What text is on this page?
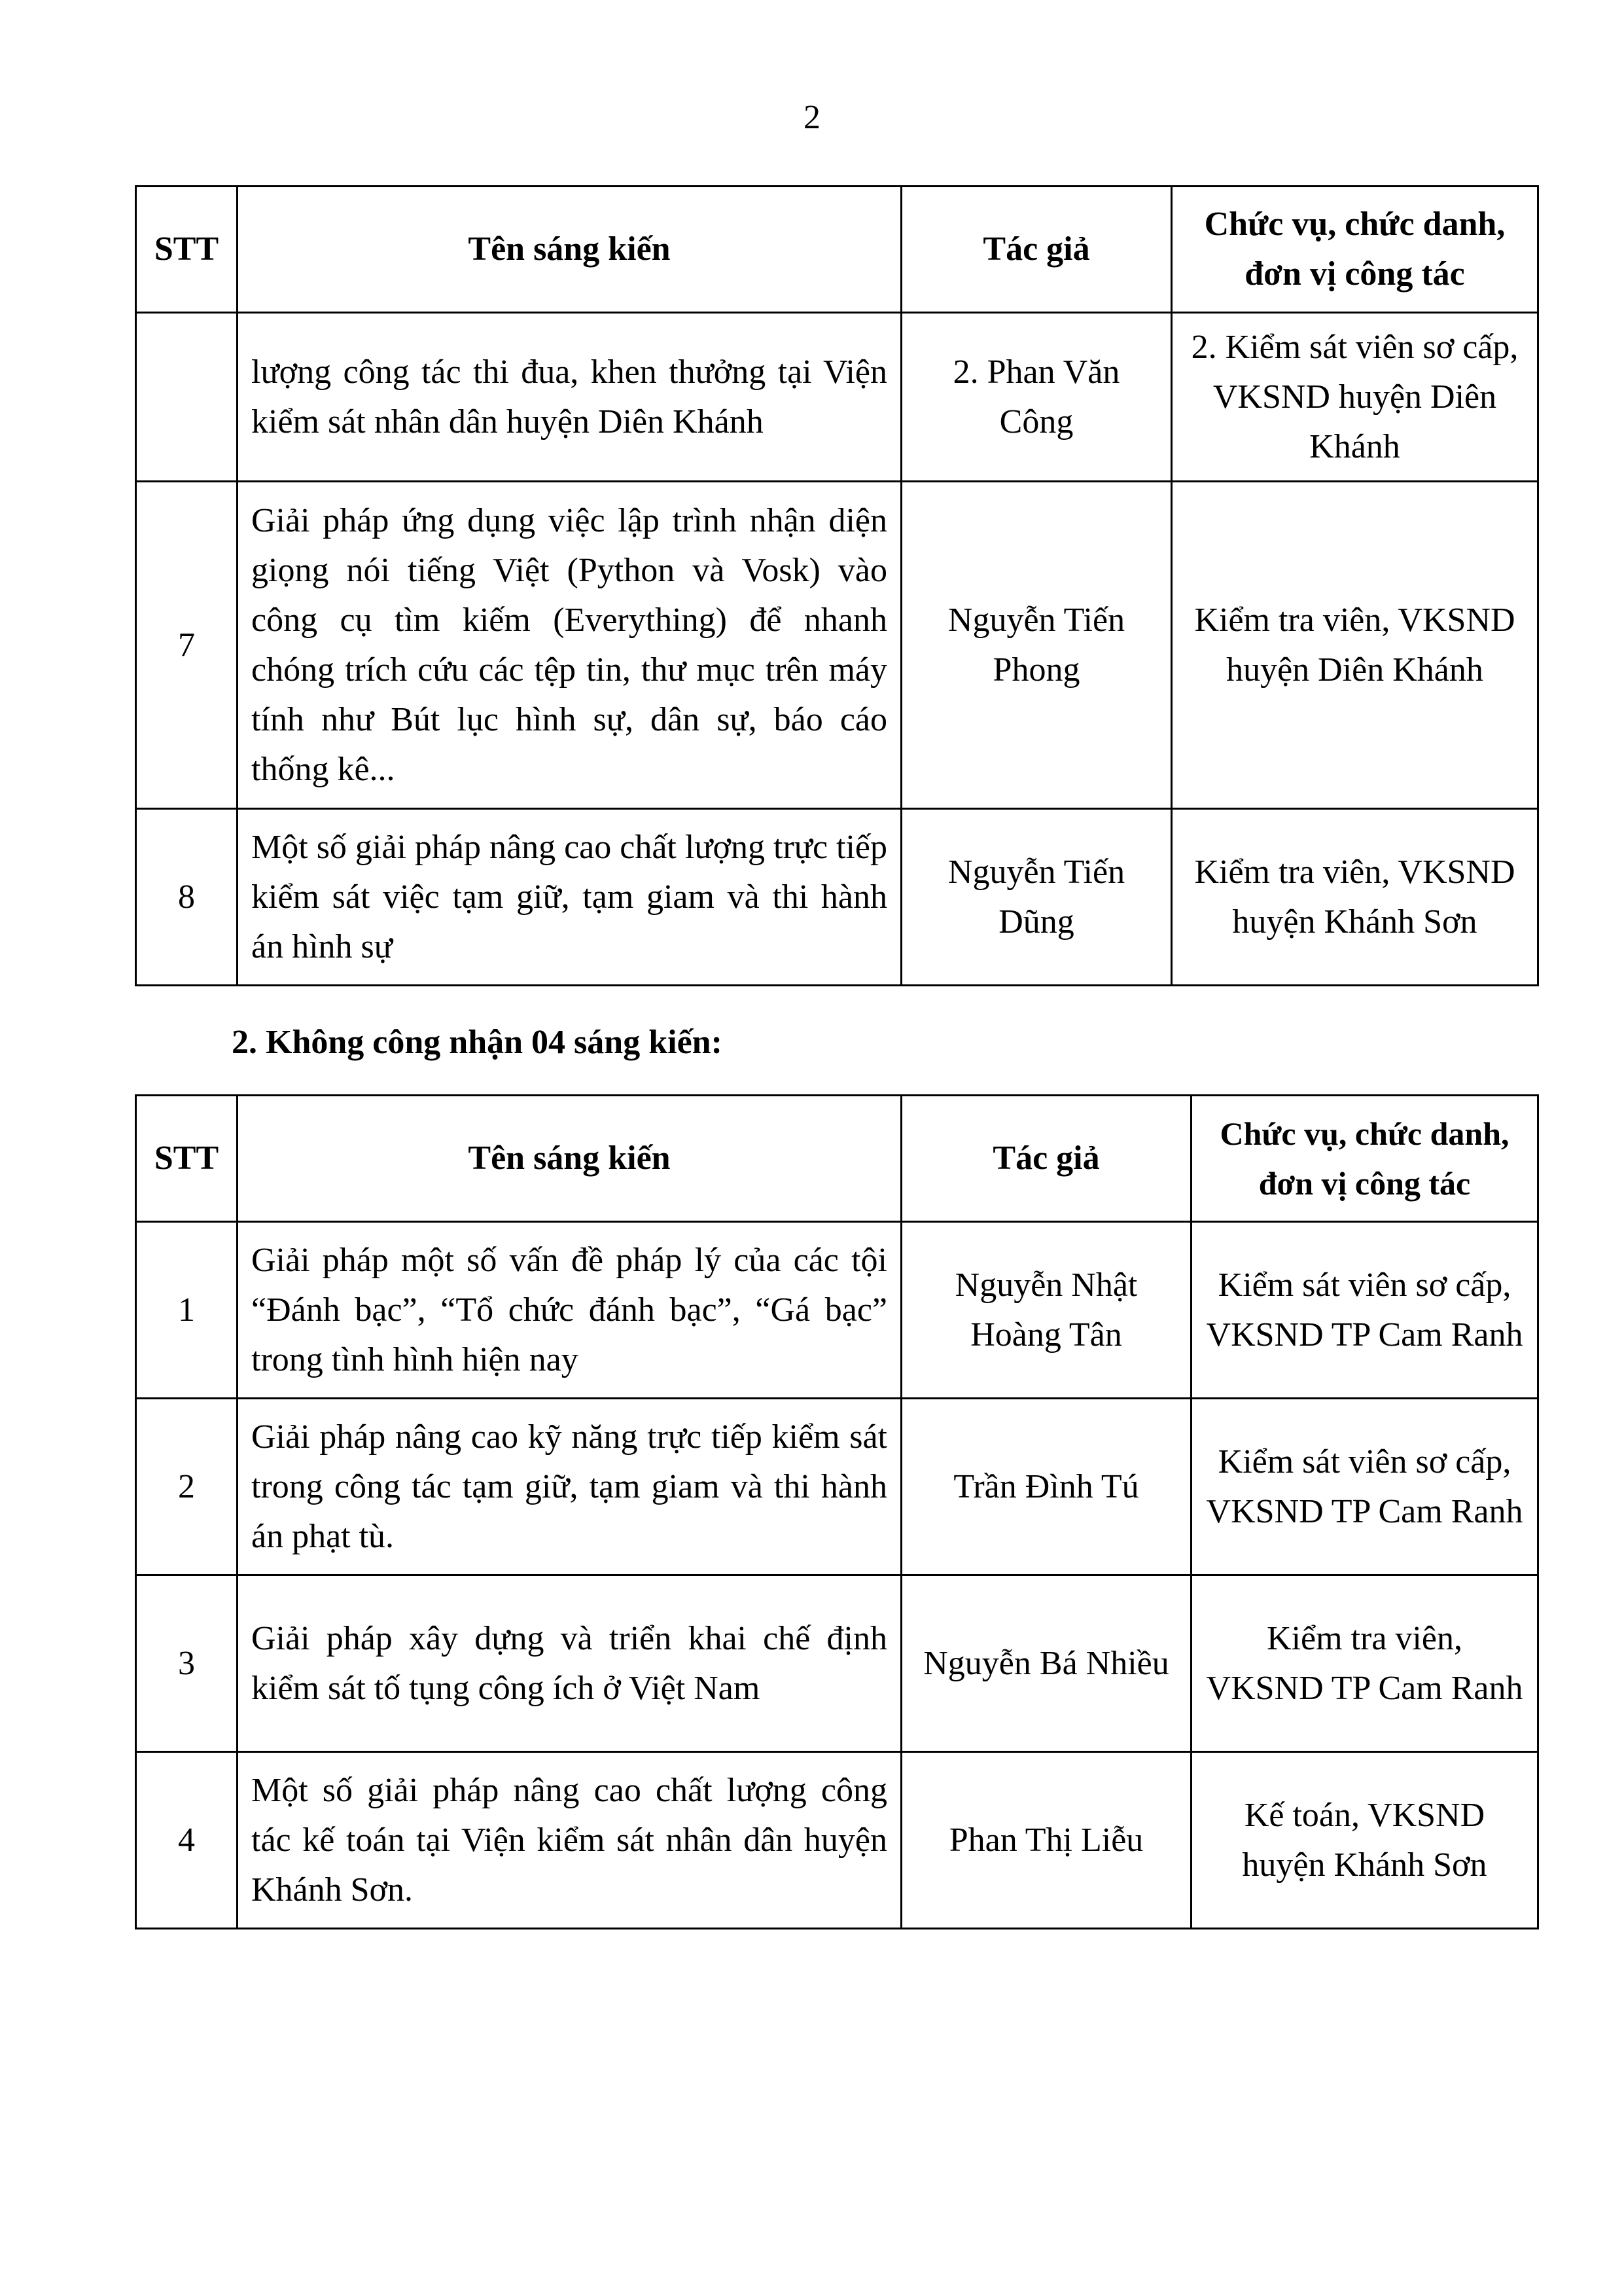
2
STT	Tên sáng kiến	Tác giả	Chức vụ, chức danh,
đơn vị công tác
	lượng công tác thi đua, khen thưởng tại Viện kiểm sát nhân dân huyện Diên Khánh	2. Phan Văn Công	2. Kiểm sát viên sơ cấp, VKSND huyện Diên Khánh
7	Giải pháp ứng dụng việc lập trình nhận diện giọng nói tiếng Việt (Python và Vosk) vào công cụ tìm kiếm (Everything) để nhanh chóng trích cứu các tệp tin, thư mục trên máy tính như Bút lục hình sự, dân sự, báo cáo thống kê...	Nguyễn Tiến Phong	Kiểm tra viên, VKSND huyện Diên Khánh
8	Một số giải pháp nâng cao chất lượng trực tiếp kiểm sát việc tạm giữ, tạm giam và thi hành án hình sự	Nguyễn Tiến Dũng	Kiểm tra viên, VKSND huyện Khánh Sơn
2. Không công nhận 04 sáng kiến:
STT	Tên sáng kiến	Tác giả	Chức vụ, chức danh,
đơn vị công tác
1	Giải pháp một số vấn đề pháp lý của các tội “Đánh bạc”, “Tổ chức đánh bạc”, “Gá bạc” trong tình hình hiện nay	Nguyễn Nhật Hoàng Tân	Kiểm sát viên sơ cấp, VKSND TP Cam Ranh
2	Giải pháp nâng cao kỹ năng trực tiếp kiểm sát trong công tác tạm giữ, tạm giam và thi hành án phạt tù.	Trần Đình Tú	Kiểm sát viên sơ cấp, VKSND TP Cam Ranh
3	Giải pháp xây dựng và triển khai chế định kiểm sát tố tụng công ích ở Việt Nam	Nguyễn Bá Nhiều	Kiểm tra viên, VKSND TP Cam Ranh
4	Một số giải pháp nâng cao chất lượng công tác kế toán tại Viện kiểm sát nhân dân huyện Khánh Sơn.	Phan Thị Liễu	Kế toán, VKSND huyện Khánh Sơn
